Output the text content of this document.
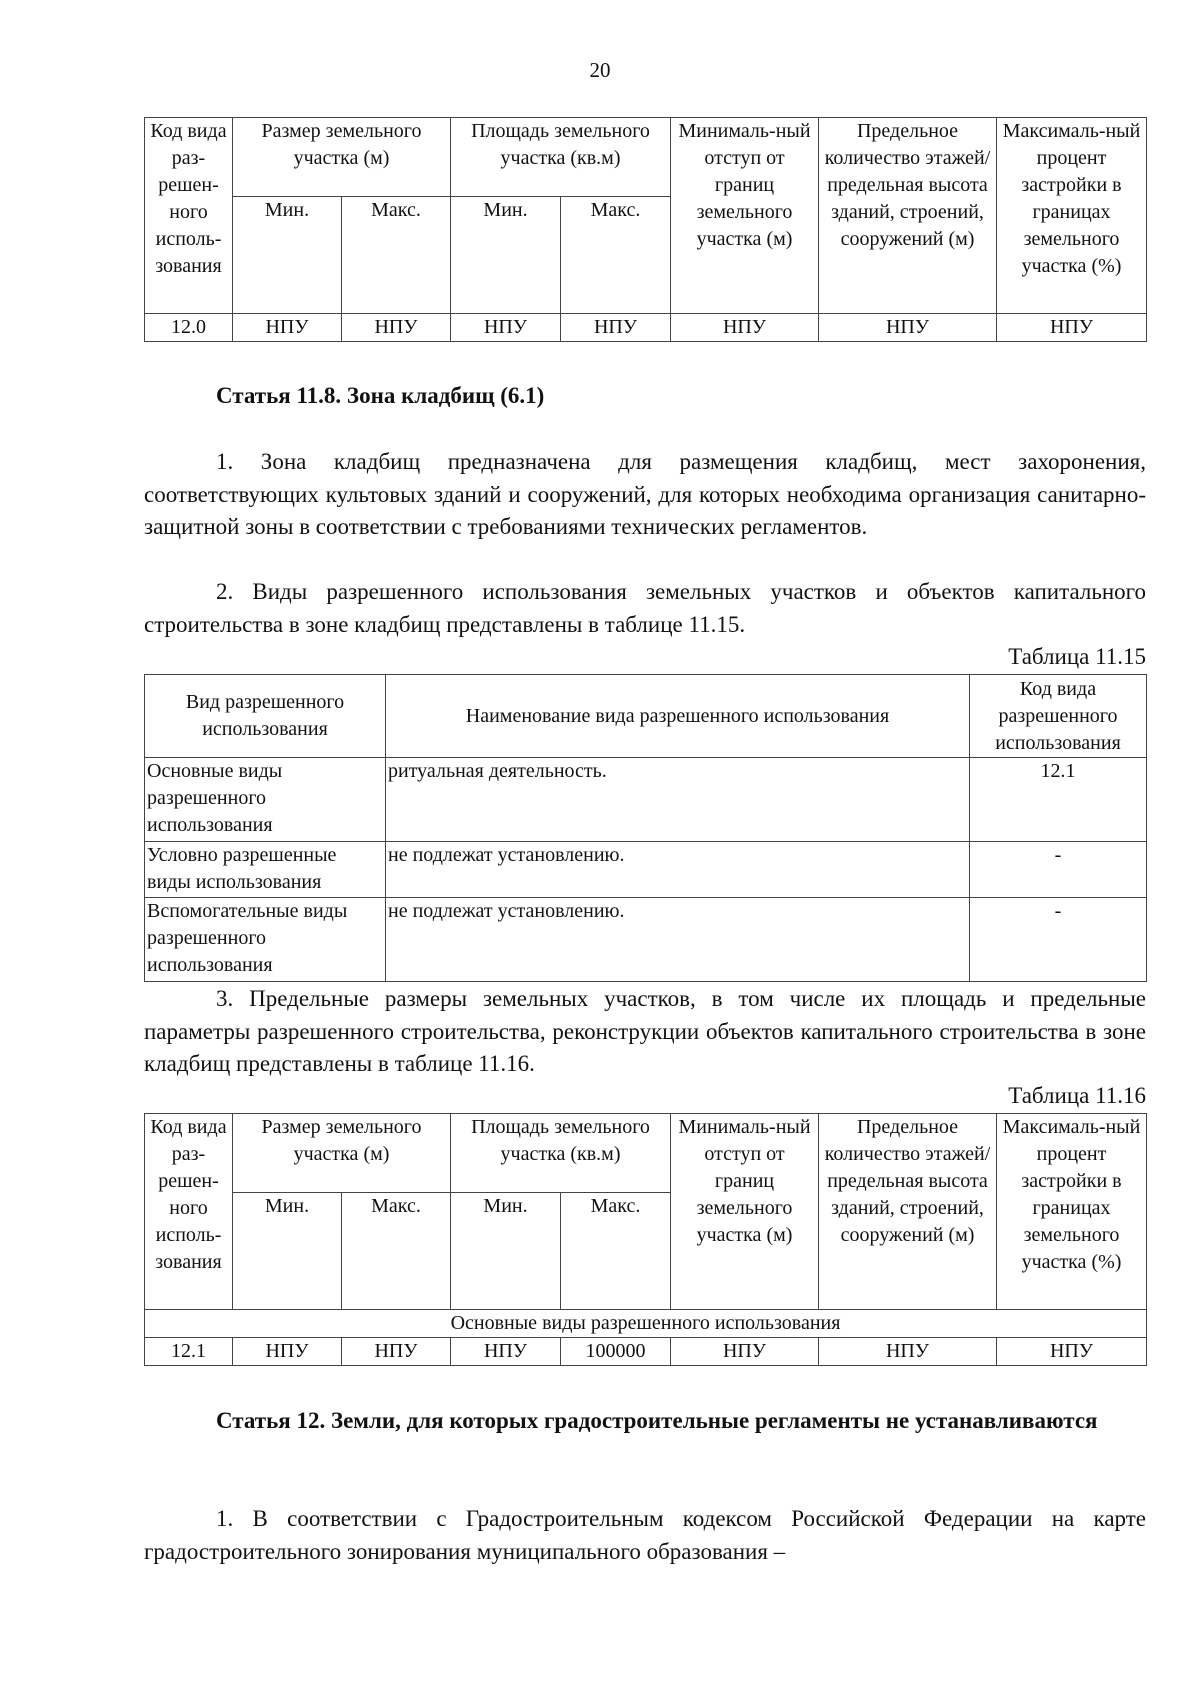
20
Код вида раз-решен-ного исполь-зования	Размер земельного участка (м)		Площадь земельного участка (кв.м)		Минималь-ный отступ от границ земельного участка (м)	Предельное количество этажей/ предельная высота зданий, строений, сооружений (м)	Максималь-ный процент застройки в границах земельного участка (%)
	Мин.	Макс.	Мин.	Макс.			
12.0	НПУ	НПУ	НПУ	НПУ	НПУ	НПУ	НПУ
Статья 11.8. Зона кладбищ (6.1)
1. Зона кладбищ предназначена для размещения кладбищ, мест захоронения, соответствующих культовых зданий и сооружений, для которых необходима организация санитарно-защитной зоны в соответствии с требованиями технических регламентов.
2. Виды разрешенного использования земельных участков и объектов капитального строительства в зоне кладбищ представлены в таблице 11.15.
Таблица 11.15
Вид разрешенного использования	Наименование вида разрешенного использования	Код вида разрешенного использования
Основные виды разрешенного использования	ритуальная деятельность.	12.1
Условно разрешенные виды использования	не подлежат установлению.	-
Вспомогательные виды разрешенного использования	не подлежат установлению.	-
3. Предельные размеры земельных участков, в том числе их площадь и предельные параметры разрешенного строительства, реконструкции объектов капитального строительства в зоне кладбищ представлены в таблице 11.16.
Таблица 11.16
Код вида раз-решен-ного исполь-зования	Размер земельного участка (м)		Площадь земельного участка (кв.м)		Минималь-ный отступ от границ земельного участка (м)	Предельное количество этажей/ предельная высота зданий, строений, сооружений (м)	Максималь-ный процент застройки в границах земельного участка (%)
	Мин.	Макс.	Мин.	Макс.			
Основные виды разрешенного использования							
12.1	НПУ	НПУ	НПУ	100000	НПУ	НПУ	НПУ
Статья 12. Земли, для которых градостроительные регламенты не устанавливаются
1. В соответствии с Градостроительным кодексом Российской Федерации на карте градостроительного зонирования муниципального образования –
